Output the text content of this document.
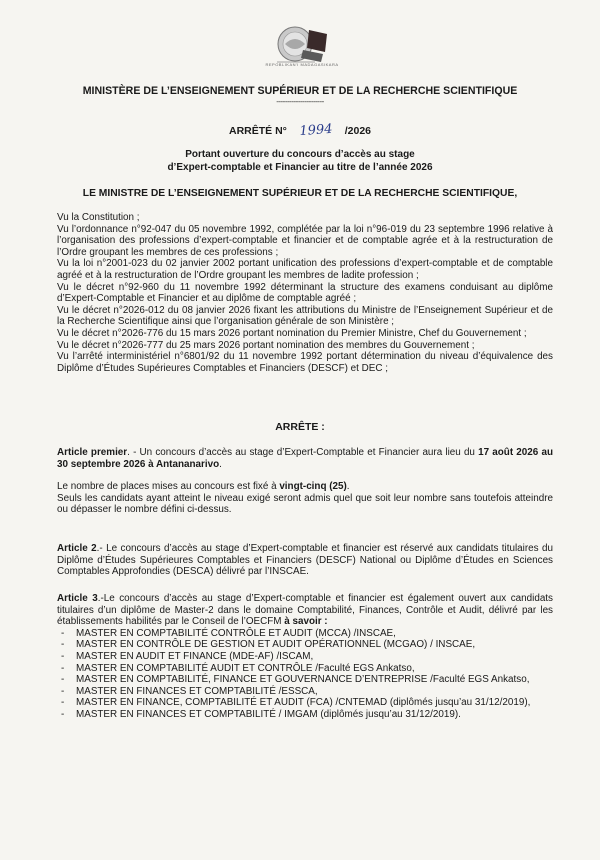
REPOBLIKAN'I MADAGASIKARA
MINISTÈRE DE L’ENSEIGNEMENT SUPÉRIEUR ET DE LA RECHERCHE SCIENTIFIQUE
----------------------
ARRÊTÉ N° 1994 /2026
Portant ouverture du concours d’accès au stage
d’Expert-comptable et Financier au titre de l’année 2026
LE MINISTRE DE L’ENSEIGNEMENT SUPÉRIEUR ET DE LA RECHERCHE SCIENTIFIQUE,

Vu la Constitution ;

Vu l’ordonnance n°92-047 du 05 novembre 1992, complétée par la loi n°96-019 du 23 septembre 1996 relative à l’organisation des professions d’expert-comptable et financier et de comptable agrée et à la restructuration de l’Ordre groupant les membres de ces professions ;

Vu la loi n°2001-023 du 02 janvier 2002 portant unification des professions d’expert-comptable et de comptable agréé et à la restructuration de l’Ordre groupant les membres de ladite profession ;

Vu le décret n°92-960 du 11 novembre 1992 déterminant la structure des examens conduisant au diplôme d’Expert-Comptable et Financier et au diplôme de comptable agréé ;

Vu le décret n°2026-012 du 08 janvier 2026 fixant les attributions du Ministre de l’Enseignement Supérieur et de la Recherche Scientifique ainsi que l’organisation générale de son Ministère ;

Vu le décret n°2026-776 du 15 mars 2026 portant nomination du Premier Ministre, Chef du Gouvernement ;

Vu le décret n°2026-777 du 25 mars 2026 portant nomination des membres du Gouvernement ;

Vu l’arrêté interministériel n°6801/92 du 11 novembre 1992 portant détermination du niveau d’équivalence des Diplôme d’Études Supérieures Comptables et Financiers (DESCF) et DEC ;

ARRÊTE :

Article premier. - Un concours d’accès au stage d’Expert-Comptable et Financier aura lieu du 17 août 2026 au 30 septembre 2026 à Antananarivo.

Le nombre de places mises au concours est fixé à vingt-cinq (25).

Seuls les candidats ayant atteint le niveau exigé seront admis quel que soit leur nombre sans toutefois atteindre ou dépasser le nombre défini ci-dessus.

Article 2.- Le concours d’accès au stage d’Expert-comptable et financier est réservé aux candidats titulaires du Diplôme d’Études Supérieures Comptables et Financiers (DESCF) National ou Diplôme d’Études en Sciences Comptables Approfondies (DESCA) délivré par l’INSCAE.

Article 3.-Le concours d’accès au stage d’Expert-comptable et financier est également ouvert aux candidats titulaires d’un diplôme de Master-2 dans le domaine Comptabilité, Finances, Contrôle et Audit, délivré par les établissements habilités par le Conseil de l’OECFM à savoir :

- MASTER EN COMPTABILITÉ CONTRÔLE ET AUDIT (MCCA) /INSCAE,
- MASTER EN CONTRÔLE DE GESTION ET AUDIT OPÉRATIONNEL (MCGAO) / INSCAE,
- MASTER EN AUDIT ET FINANCE (MDE-AF) /ISCAM,
- MASTER EN COMPTABILITÉ AUDIT ET CONTRÔLE /Faculté EGS Ankatso,
- MASTER EN COMPTABILITÉ, FINANCE ET GOUVERNANCE D’ENTREPRISE /Faculté EGS Ankatso,
- MASTER EN FINANCES ET COMPTABILITÉ /ESSCA,
- MASTER EN FINANCE, COMPTABILITÉ ET AUDIT (FCA) /CNTEMAD (diplômés jusqu’au 31/12/2019),
- MASTER EN FINANCES ET COMPTABILITÉ / IMGAM (diplômés jusqu’au 31/12/2019).
